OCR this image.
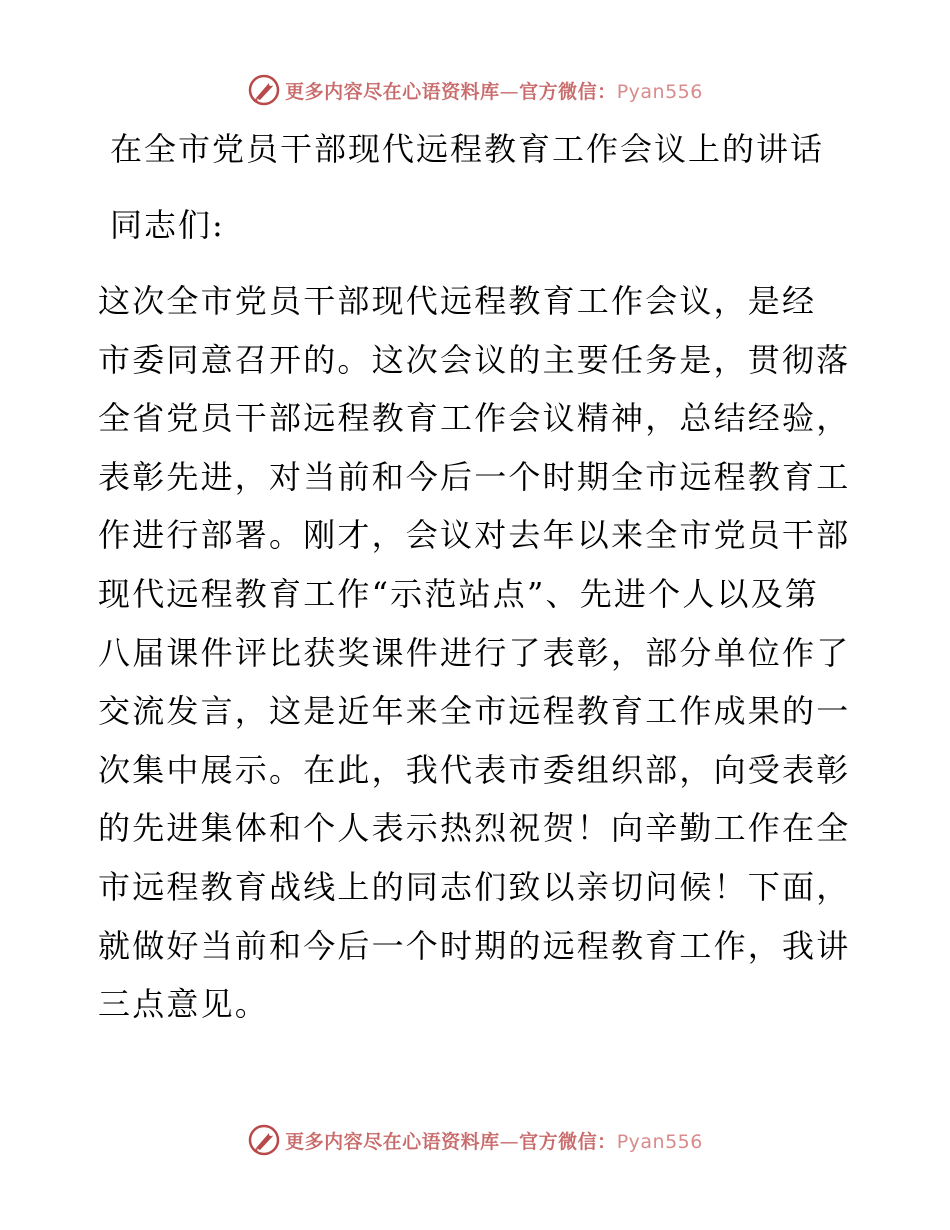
更多内容尽在心语资料库—官方微信：Pyan556
在全市党员干部现代远程教育工作会议上的讲话
同志们:
这次全市党员干部现代远程教育工作会议，是经
市委同意召开的。这次会议的主要任务是，贯彻落
全省党员干部远程教育工作会议精神，总结经验，
表彰先进，对当前和今后一个时期全市远程教育工
作进行部署。刚才，会议对去年以来全市党员干部
现代远程教育工作“示范站点”、先进个人以及第
八届课件评比获奖课件进行了表彰，部分单位作了
交流发言，这是近年来全市远程教育工作成果的一
次集中展示。在此，我代表市委组织部，向受表彰
的先进集体和个人表示热烈祝贺！向辛勤工作在全
市远程教育战线上的同志们致以亲切问候！下面，
就做好当前和今后一个时期的远程教育工作，我讲
三点意见。
更多内容尽在心语资料库—官方微信：Pyan556
